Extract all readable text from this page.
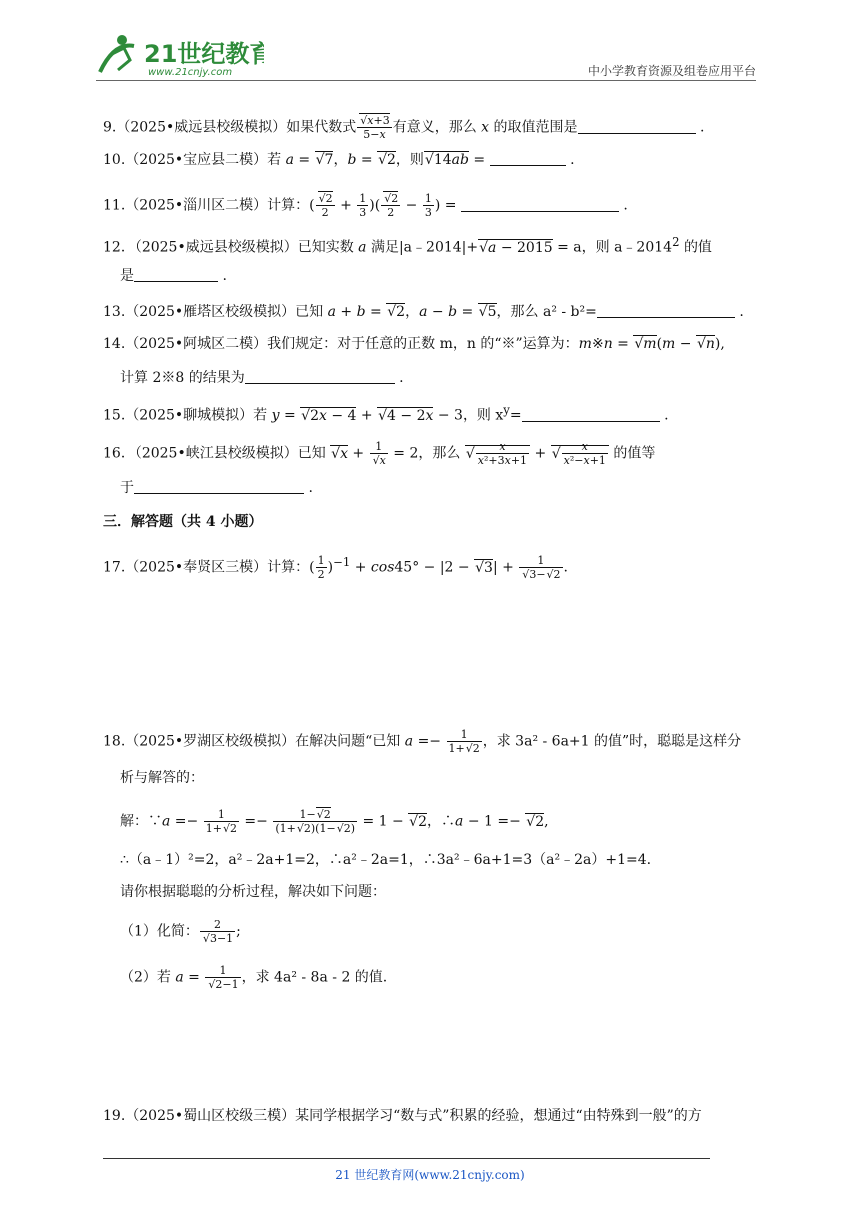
21世纪教育
www.21cnjy.com	中小学教育资源及组卷应用平台
9.（2025•威远县校级模拟）如果代数式 √ $\frac{x+3}{5-x}$ 有意义，那么 x 的取值范围是	.
10.（2025•宝应县二模）若 a = √ 7，b = √ 2，则 √ 14ab =	.
11.（2025•淄川区二模）计算：( √ $\frac{2}{2} + \frac{1}{3}$ )( √ $\frac{2}{2} - \frac{1}{3}$ ) =	.
12．（2025•威远县校级模拟）已知实数 a 满足|a﹣2014|+ √ a − 2015 = a，则 a﹣2014$^2$ 的值
是	.
13.（2025•雁塔区校级模拟）已知 a + b = √ 2，a − b = √ 5，那么 a² - b²=	.
14.（2025•阿城区二模）我们规定：对于任意的正数 m，n 的“※”运算为：m※n = √ m(m − √ n),
计算 2※8 的结果为	.
15.（2025•聊城模拟）若 y = √ 2x − 4 + √ 4 − 2x − 3，则 $x^y=$	.
16．（2025•峡江县校级模拟）已知 √ x + 1
√ x = 2，那么 √ $\frac{x}{\text{x²+3x+1}}$ + √ $\frac{x}{\text{x²−x+1}}$ 的值等
于	.
三．解答题（共 4 小题）
17.（2025•奉贤区三模）计算：( $\frac{1}{2} )^{-1} + \cos 45^\circ - |2$ − √ 3| + 1
√ 3− √ 2 .
18.（2025•罗湖区校级模拟）在解决问题“已知 $a =- \frac{1}{1+ √ 2}$ ，求 3a² - 6a+1 的值”时，聪聪是这样分
析与解答的：
解：∵a =− $\frac{1}{1+ √ 2} =- \frac{1- √ 2}{(1+ √ 2)(1- √ 2)} = 1$ − √ 2，∴a − 1 =− √ 2,
∴（a﹣1）²=2，a²﹣2a+1=2，∴a²﹣2a=1，∴3a²﹣6a+1=3（a²﹣2a）+1=4.
请你根据聪聪的分析过程，解决如下问题：
（1）化简： 2
√ 3−1 ;
（2）若 a = 1
√ 2−1 ，求 4a² - 8a - 2 的值.
19.（2025•蜀山区校级三模）某同学根据学习“数与式”积累的经验，想通过“由特殊到一般”的方
21 世纪教育网(www.21cnjy.com)
